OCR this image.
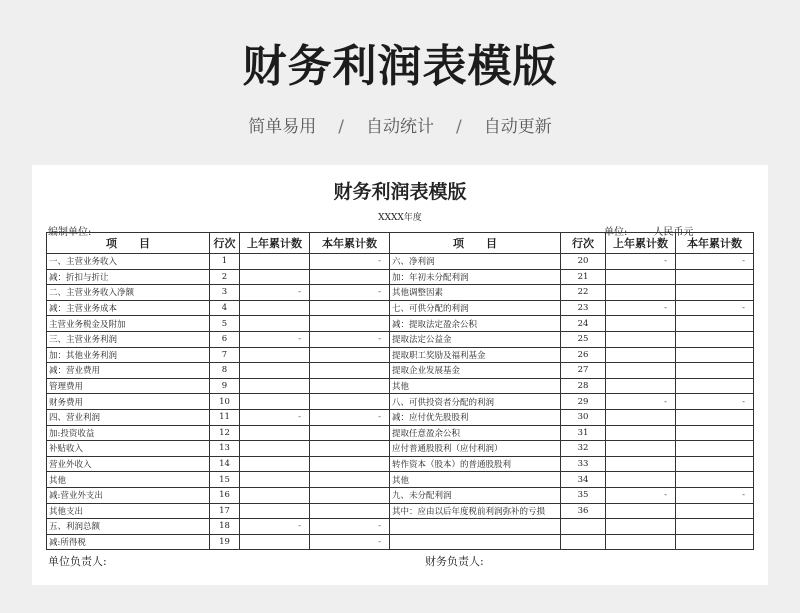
财务利润表模版
简单易用 / 自动统计 / 自动更新
财务利润表模版
XXXX年度
编制单位:	单位:	人民币元
项　　目	行次	上年累计数	本年累计数	项　　目	行次	上年累计数	本年累计数
一、主营业务收入	1		-	六、净利润	20	-	-
减：折扣与折让	2			加：年初未分配利润	21		
二、主营业务收入净额	3	-	-	其他调整因素	22		
减：主营业务成本	4			七、可供分配的利润	23	-	-
主营业务税金及附加	5			减：提取法定盈余公积	24		
三、主营业务利润	6	-	-	提取法定公益金	25		
加：其他业务利润	7			提取职工奖励及福利基金	26		
减：营业费用	8			提取企业发展基金	27		
管理费用	9			其他	28		
财务费用	10			八、可供投资者分配的利润	29	-	-
四、营业利润	11	-	-	减：应付优先股股利	30		
加:投资收益	12			提取任意盈余公积	31		
补贴收入	13			应付普通股股利（应付利润）	32		
营业外收入	14			转作资本（股本）的普通股股利	33		
其他	15			其他	34		
减:营业外支出	16			九、未分配利润	35	-	-
其他支出	17			其中：应由以后年度税前利润弥补的亏损	36		
五、利润总额	18	-	-				
减:所得税	19		-				
单位负责人:	财务负责人:
